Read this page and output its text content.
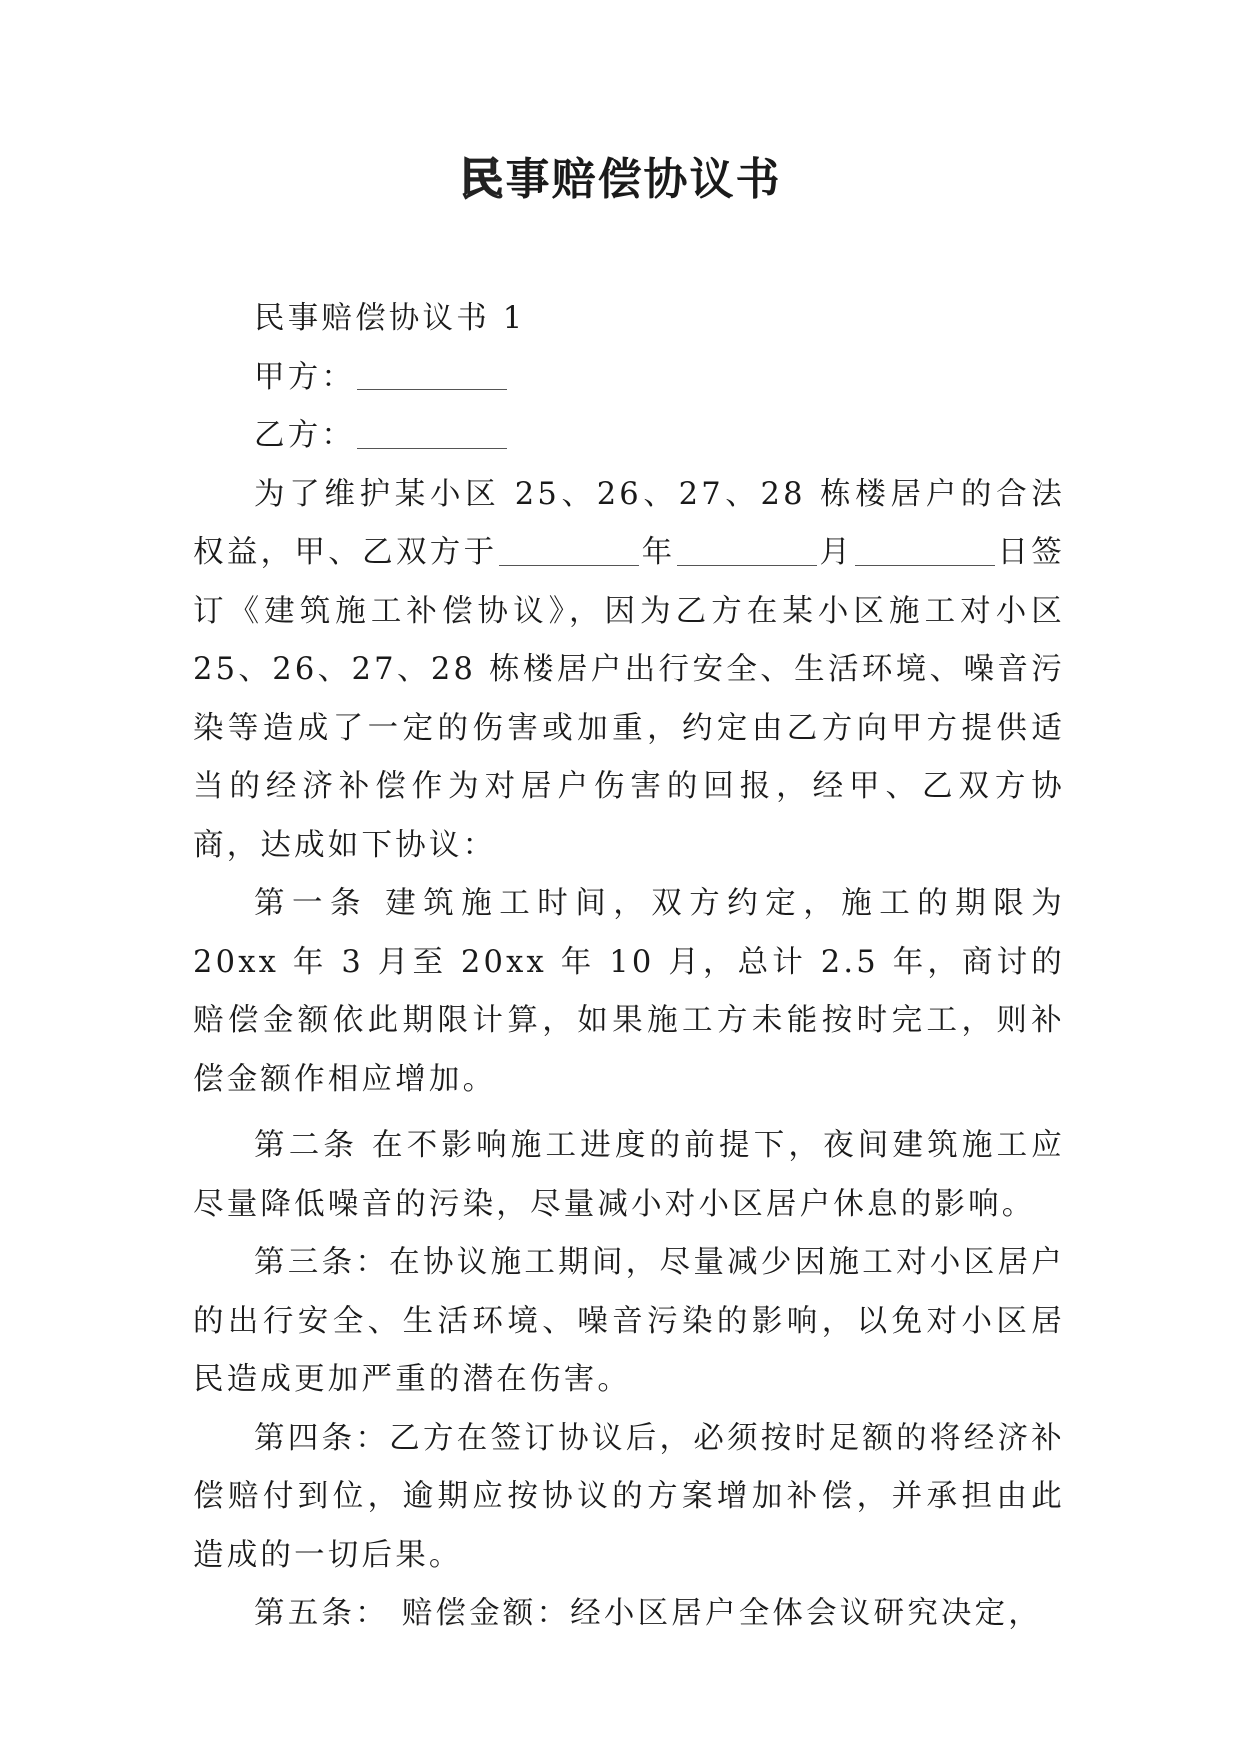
民事赔偿协议书

民事赔偿协议书 1

甲方：

乙方：

为了维护某小区 25、26、27、28 栋楼居户的合法权益，甲、乙双方于	年	月	日签订《建筑施工补偿协议》，因为乙方在某小区施工对小区 25、26、27、28 栋楼居户出行安全、生活环境、噪音污染等造成了一定的伤害或加重，约定由乙方向甲方提供适当的经济补偿作为对居户伤害的回报，经甲、乙双方协商，达成如下协议：

第一条 建筑施工时间，双方约定，施工的期限为 20xx 年 3 月至 20xx 年 10 月，总计 2.5 年，商讨的赔偿金额依此期限计算，如果施工方未能按时完工，则补偿金额作相应增加。

第二条 在不影响施工进度的前提下，夜间建筑施工应尽量降低噪音的污染，尽量减小对小区居户休息的影响。

第三条：在协议施工期间，尽量减少因施工对小区居户的出行安全、生活环境、噪音污染的影响，以免对小区居民造成更加严重的潜在伤害。

第四条：乙方在签订协议后，必须按时足额的将经济补偿赔付到位，逾期应按协议的方案增加补偿，并承担由此造成的一切后果。

第五条： 赔偿金额：经小区居户全体会议研究决定，
